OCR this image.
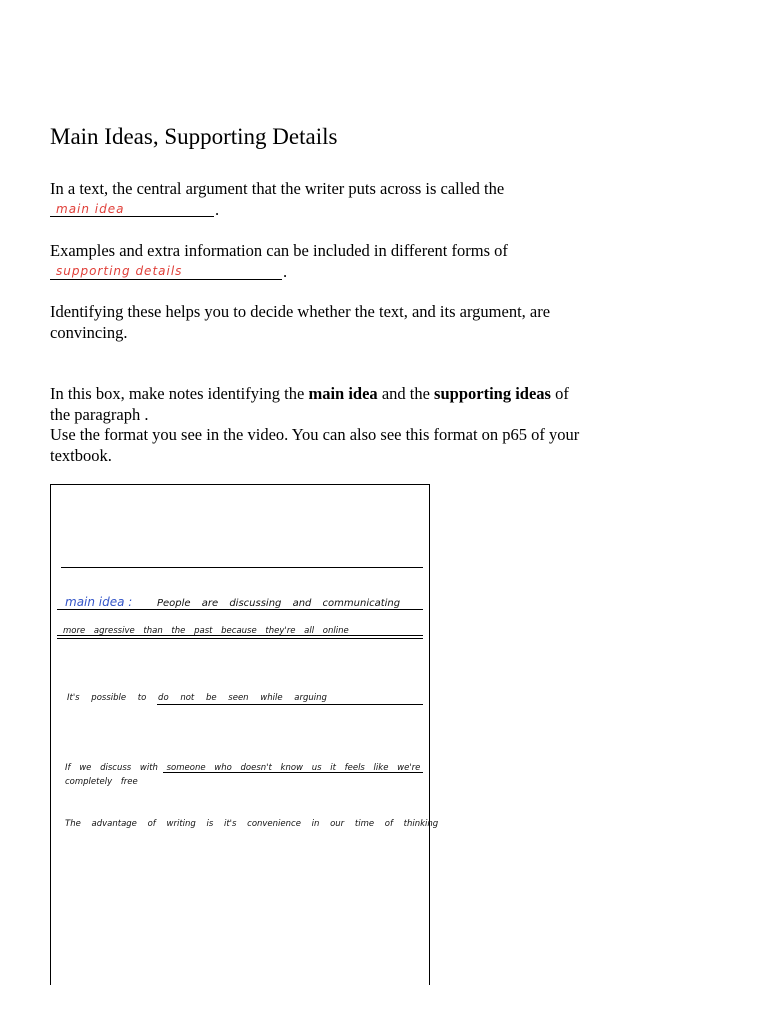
Main Ideas, Supporting Details

In a text, the central argument that the writer puts across is called the

main idea	.

Examples and extra information can be included in different forms of

supporting details	.

Identifying these helps you to decide whether the text, and its argument, are convincing.

In this box, make notes identifying the main idea and the supporting ideas of the paragraph .

Use the format you see in the video. You can also see this format on p65 of your textbook.

main idea : People are discussing and communicating
more agressive than the past because they're all online
It's possible to do not be seen while arguing
If we discuss with someone who doesn't know us it feels like we're
completely free
The advantage of writing is it's convenience in our time of thinking
